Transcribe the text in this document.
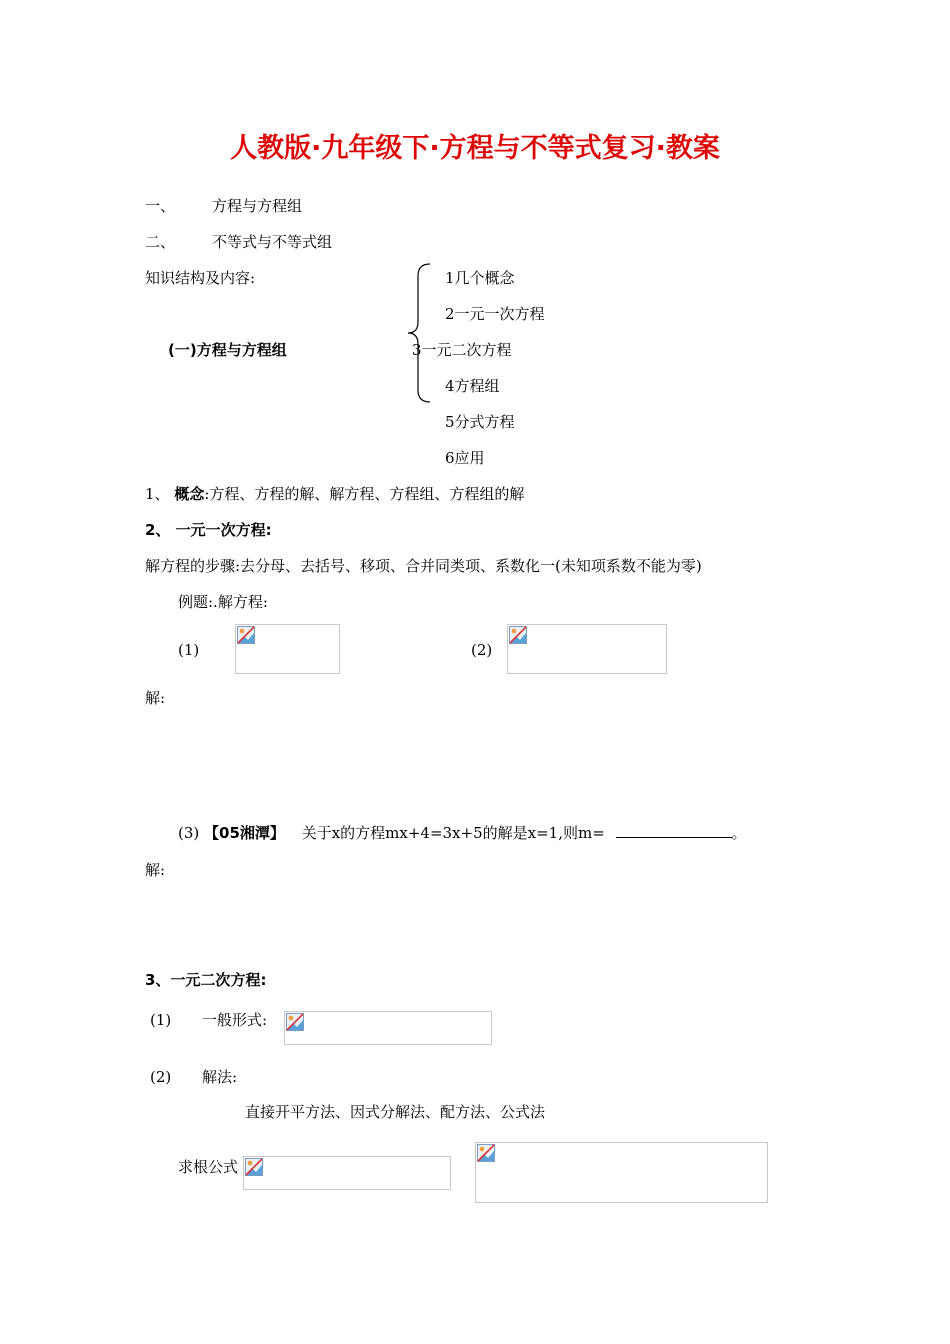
人教版·九年级下·方程与不等式复习·教案
一、 方程与方程组
二、 不等式与不等式组
知识结构及内容:
(一)方程与方程组
1几个概念
2一元一次方程
3一元二次方程
4方程组
5分式方程
6应用
1、 概念:方程、方程的解、解方程、方程组、方程组的解
2、 一元一次方程:
解方程的步骤:去分母、去括号、移项、合并同类项、系数化一(未知项系数不能为零)
例题:.解方程:
(1)	(2)
解:
(3) 【05湘潭】 关于x的方程mx+4=3x+5的解是x=1,则m=	。
解:
3、一元二次方程:
(1) 一般形式:
(2) 解法:
直接开平方法、因式分解法、配方法、公式法
求根公式
